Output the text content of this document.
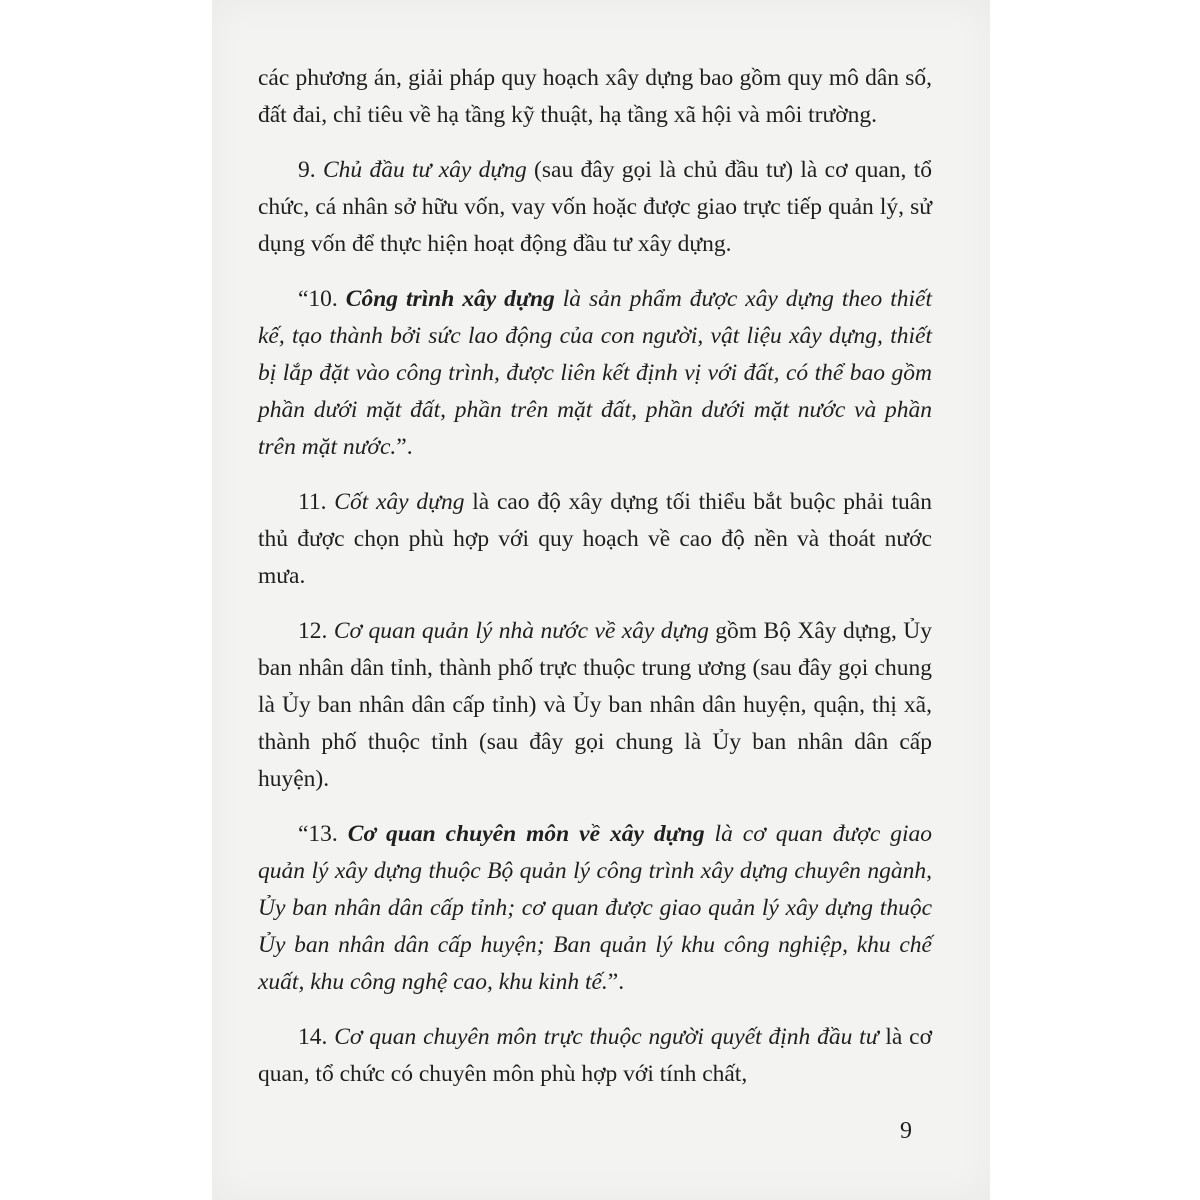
các phương án, giải pháp quy hoạch xây dựng bao gồm quy mô dân số, đất đai, chỉ tiêu về hạ tầng kỹ thuật, hạ tầng xã hội và môi trường.

9. Chủ đầu tư xây dựng (sau đây gọi là chủ đầu tư) là cơ quan, tổ chức, cá nhân sở hữu vốn, vay vốn hoặc được giao trực tiếp quản lý, sử dụng vốn để thực hiện hoạt động đầu tư xây dựng.

“10. Công trình xây dựng là sản phẩm được xây dựng theo thiết kế, tạo thành bởi sức lao động của con người, vật liệu xây dựng, thiết bị lắp đặt vào công trình, được liên kết định vị với đất, có thể bao gồm phần dưới mặt đất, phần trên mặt đất, phần dưới mặt nước và phần trên mặt nước.”.

11. Cốt xây dựng là cao độ xây dựng tối thiểu bắt buộc phải tuân thủ được chọn phù hợp với quy hoạch về cao độ nền và thoát nước mưa.

12. Cơ quan quản lý nhà nước về xây dựng gồm Bộ Xây dựng, Ủy ban nhân dân tỉnh, thành phố trực thuộc trung ương (sau đây gọi chung là Ủy ban nhân dân cấp tỉnh) và Ủy ban nhân dân huyện, quận, thị xã, thành phố thuộc tỉnh (sau đây gọi chung là Ủy ban nhân dân cấp huyện).

“13. Cơ quan chuyên môn về xây dựng là cơ quan được giao quản lý xây dựng thuộc Bộ quản lý công trình xây dựng chuyên ngành, Ủy ban nhân dân cấp tỉnh; cơ quan được giao quản lý xây dựng thuộc Ủy ban nhân dân cấp huyện; Ban quản lý khu công nghiệp, khu chế xuất, khu công nghệ cao, khu kinh tế.”.

14. Cơ quan chuyên môn trực thuộc người quyết định đầu tư là cơ quan, tổ chức có chuyên môn phù hợp với tính chất,

9
